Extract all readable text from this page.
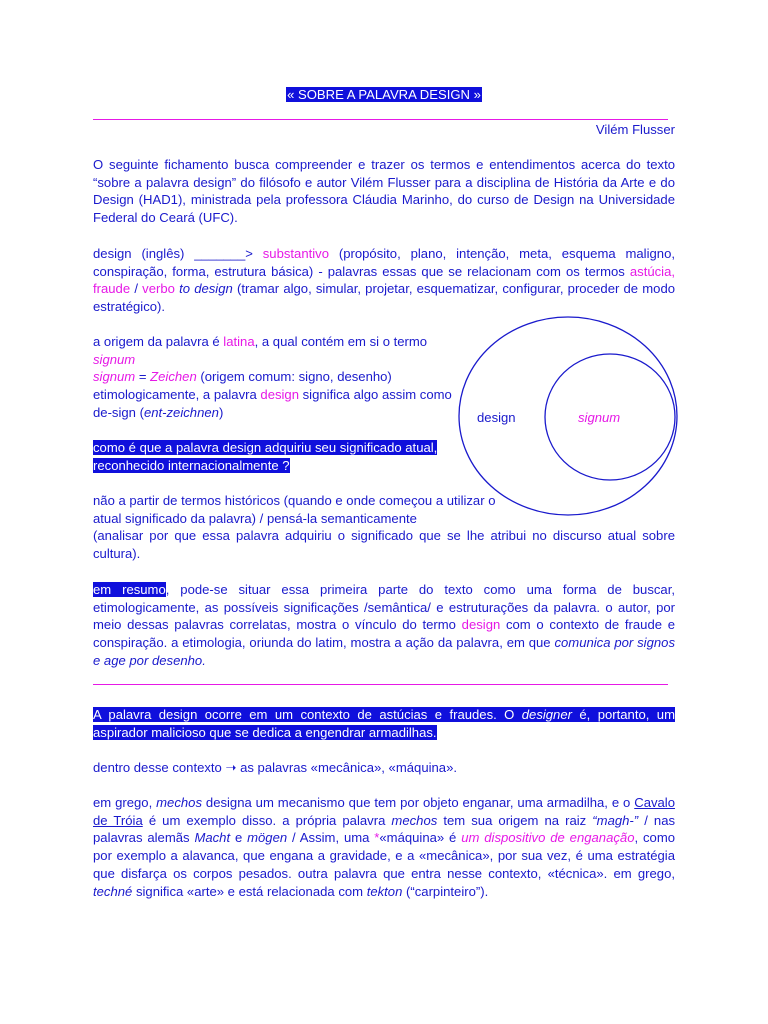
« SOBRE A PALAVRA DESIGN »
Vilém Flusser
O seguinte fichamento busca compreender e trazer os termos e entendimentos acerca do texto “sobre a palavra design” do filósofo e autor Vilém Flusser para a disciplina de História da Arte e do Design (HAD1), ministrada pela professora Cláudia Marinho, do curso de Design na Universidade Federal do Ceará (UFC).
design (inglês) _______> substantivo (propósito, plano, intenção, meta, esquema maligno, conspiração, forma, estrutura básica) - palavras essas que se relacionam com os termos astúcia, fraude / verbo to design (tramar algo, simular, projetar, esquematizar, configurar, proceder de modo estratégico).
a origem da palavra é latina, a qual contém em si o termo
signum
signum = Zeichen (origem comum: signo, desenho) etimologicamente, a palavra design significa algo assim como de-sign (ent-zeichnen)
como é que a palavra design adquiriu seu significado atual, reconhecido internacionalmente ?
não a partir de termos históricos (quando e onde começou a utilizar o atual significado da palavra) / pensá-la semanticamente
(analisar por que essa palavra adquiriu o significado que se lhe atribui no discurso atual sobre cultura).
em resumo, pode-se situar essa primeira parte do texto como uma forma de buscar, etimologicamente, as possíveis significações /semântica/ e estruturações da palavra. o autor, por meio dessas palavras correlatas, mostra o vínculo do termo design com o contexto de fraude e conspiração. a etimologia, oriunda do latim, mostra a ação da palavra, em que comunica por signos e age por desenho.
A palavra design ocorre em um contexto de astúcias e fraudes. O designer é, portanto, um aspirador malicioso que se dedica a engendrar armadilhas.
dentro desse contexto ➝ as palavras «mecânica», «máquina».
em grego, mechos designa um mecanismo que tem por objeto enganar, uma armadilha, e o Cavalo de Tróia é um exemplo disso. a própria palavra mechos tem sua origem na raiz “magh-” / nas palavras alemãs Macht e mögen / Assim, uma *«máquina» é um dispositivo de enganação, como por exemplo a alavanca, que engana a gravidade, e a «mecânica», por sua vez, é uma estratégia que disfarça os corpos pesados. outra palavra que entra nesse contexto, «técnica». em grego, techné significa «arte» e está relacionada com tekton (“carpinteiro”).
design	signum
